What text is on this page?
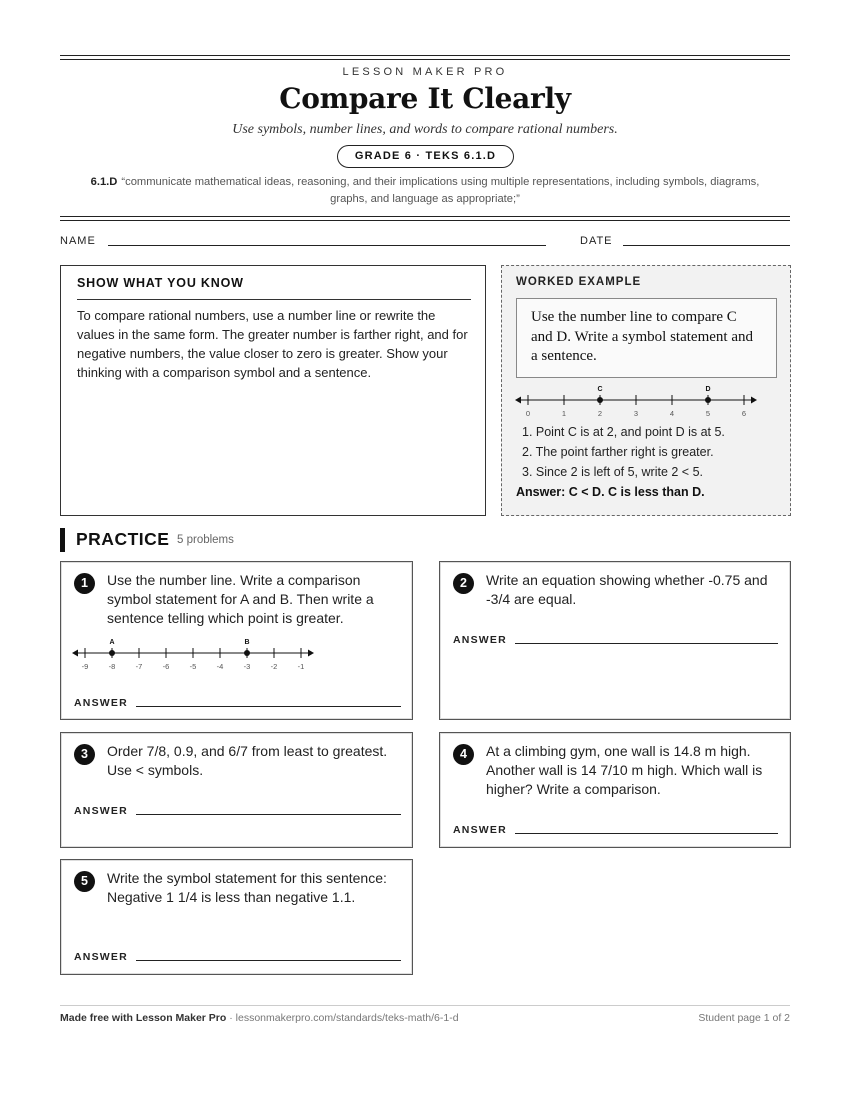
LESSON MAKER PRO
Compare It Clearly
Use symbols, number lines, and words to compare rational numbers.
GRADE 6 · TEKS 6.1.D
6.1.D “communicate mathematical ideas, reasoning, and their implications using multiple representations, including symbols, diagrams, graphs, and language as appropriate;”
NAME	DATE
SHOW WHAT YOU KNOW
To compare rational numbers, use a number line or rewrite the values in the same form. The greater number is farther right, and for negative numbers, the value closer to zero is greater. Show your thinking with a comparison symbol and a sentence.
WORKED EXAMPLE
Use the number line to compare C and D. Write a symbol statement and a sentence.
0	1	2	3	4	5	6
C	D
1. Point C is at 2, and point D is at 5.
2. The point farther right is greater.
3. Since 2 is left of 5, write 2 < 5.
Answer: C < D. C is less than D.
PRACTICE 5 problems
1	Use the number line. Write a comparison symbol statement for A and B. Then write a sentence telling which point is greater.
-9	-8	-7	-6	-5	-4	-3	-2	-1
A	B
ANSWER
2	Write an equation showing whether -0.75 and -3/4 are equal.
ANSWER
3	Order 7/8, 0.9, and 6/7 from least to greatest. Use < symbols.
ANSWER
4	At a climbing gym, one wall is 14.8 m high. Another wall is 14 7/10 m high. Which wall is higher? Write a comparison.
ANSWER
5	Write the symbol statement for this sentence: Negative 1 1/4 is less than negative 1.1.
ANSWER
Made free with Lesson Maker Pro · lessonmakerpro.com/standards/teks-math/6-1-d	Student page 1 of 2
